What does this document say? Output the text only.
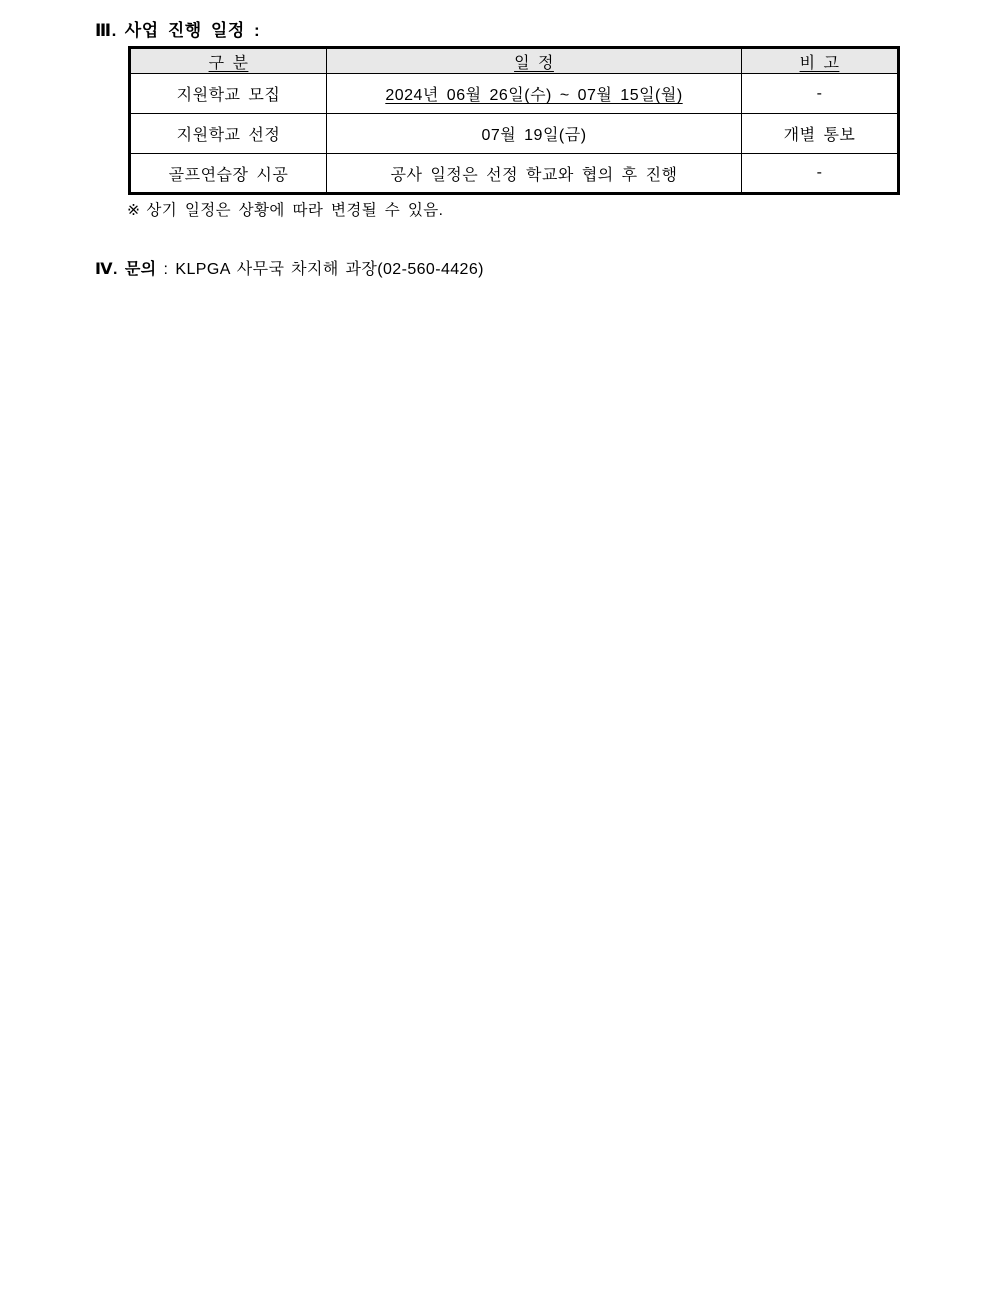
Ⅲ. 사업 진행 일정 :
구 분	일 정	비 고
지원학교 모집	2024년 06월 26일(수) ~ 07월 15일(월)	-
지원학교 선정	07월 19일(금)	개별 통보
골프연습장 시공	공사 일정은 선정 학교와 협의 후 진행	-
※ 상기 일정은 상황에 따라 변경될 수 있음.
Ⅳ. 문의 : KLPGA 사무국 차지해 과장(02-560-4426)
